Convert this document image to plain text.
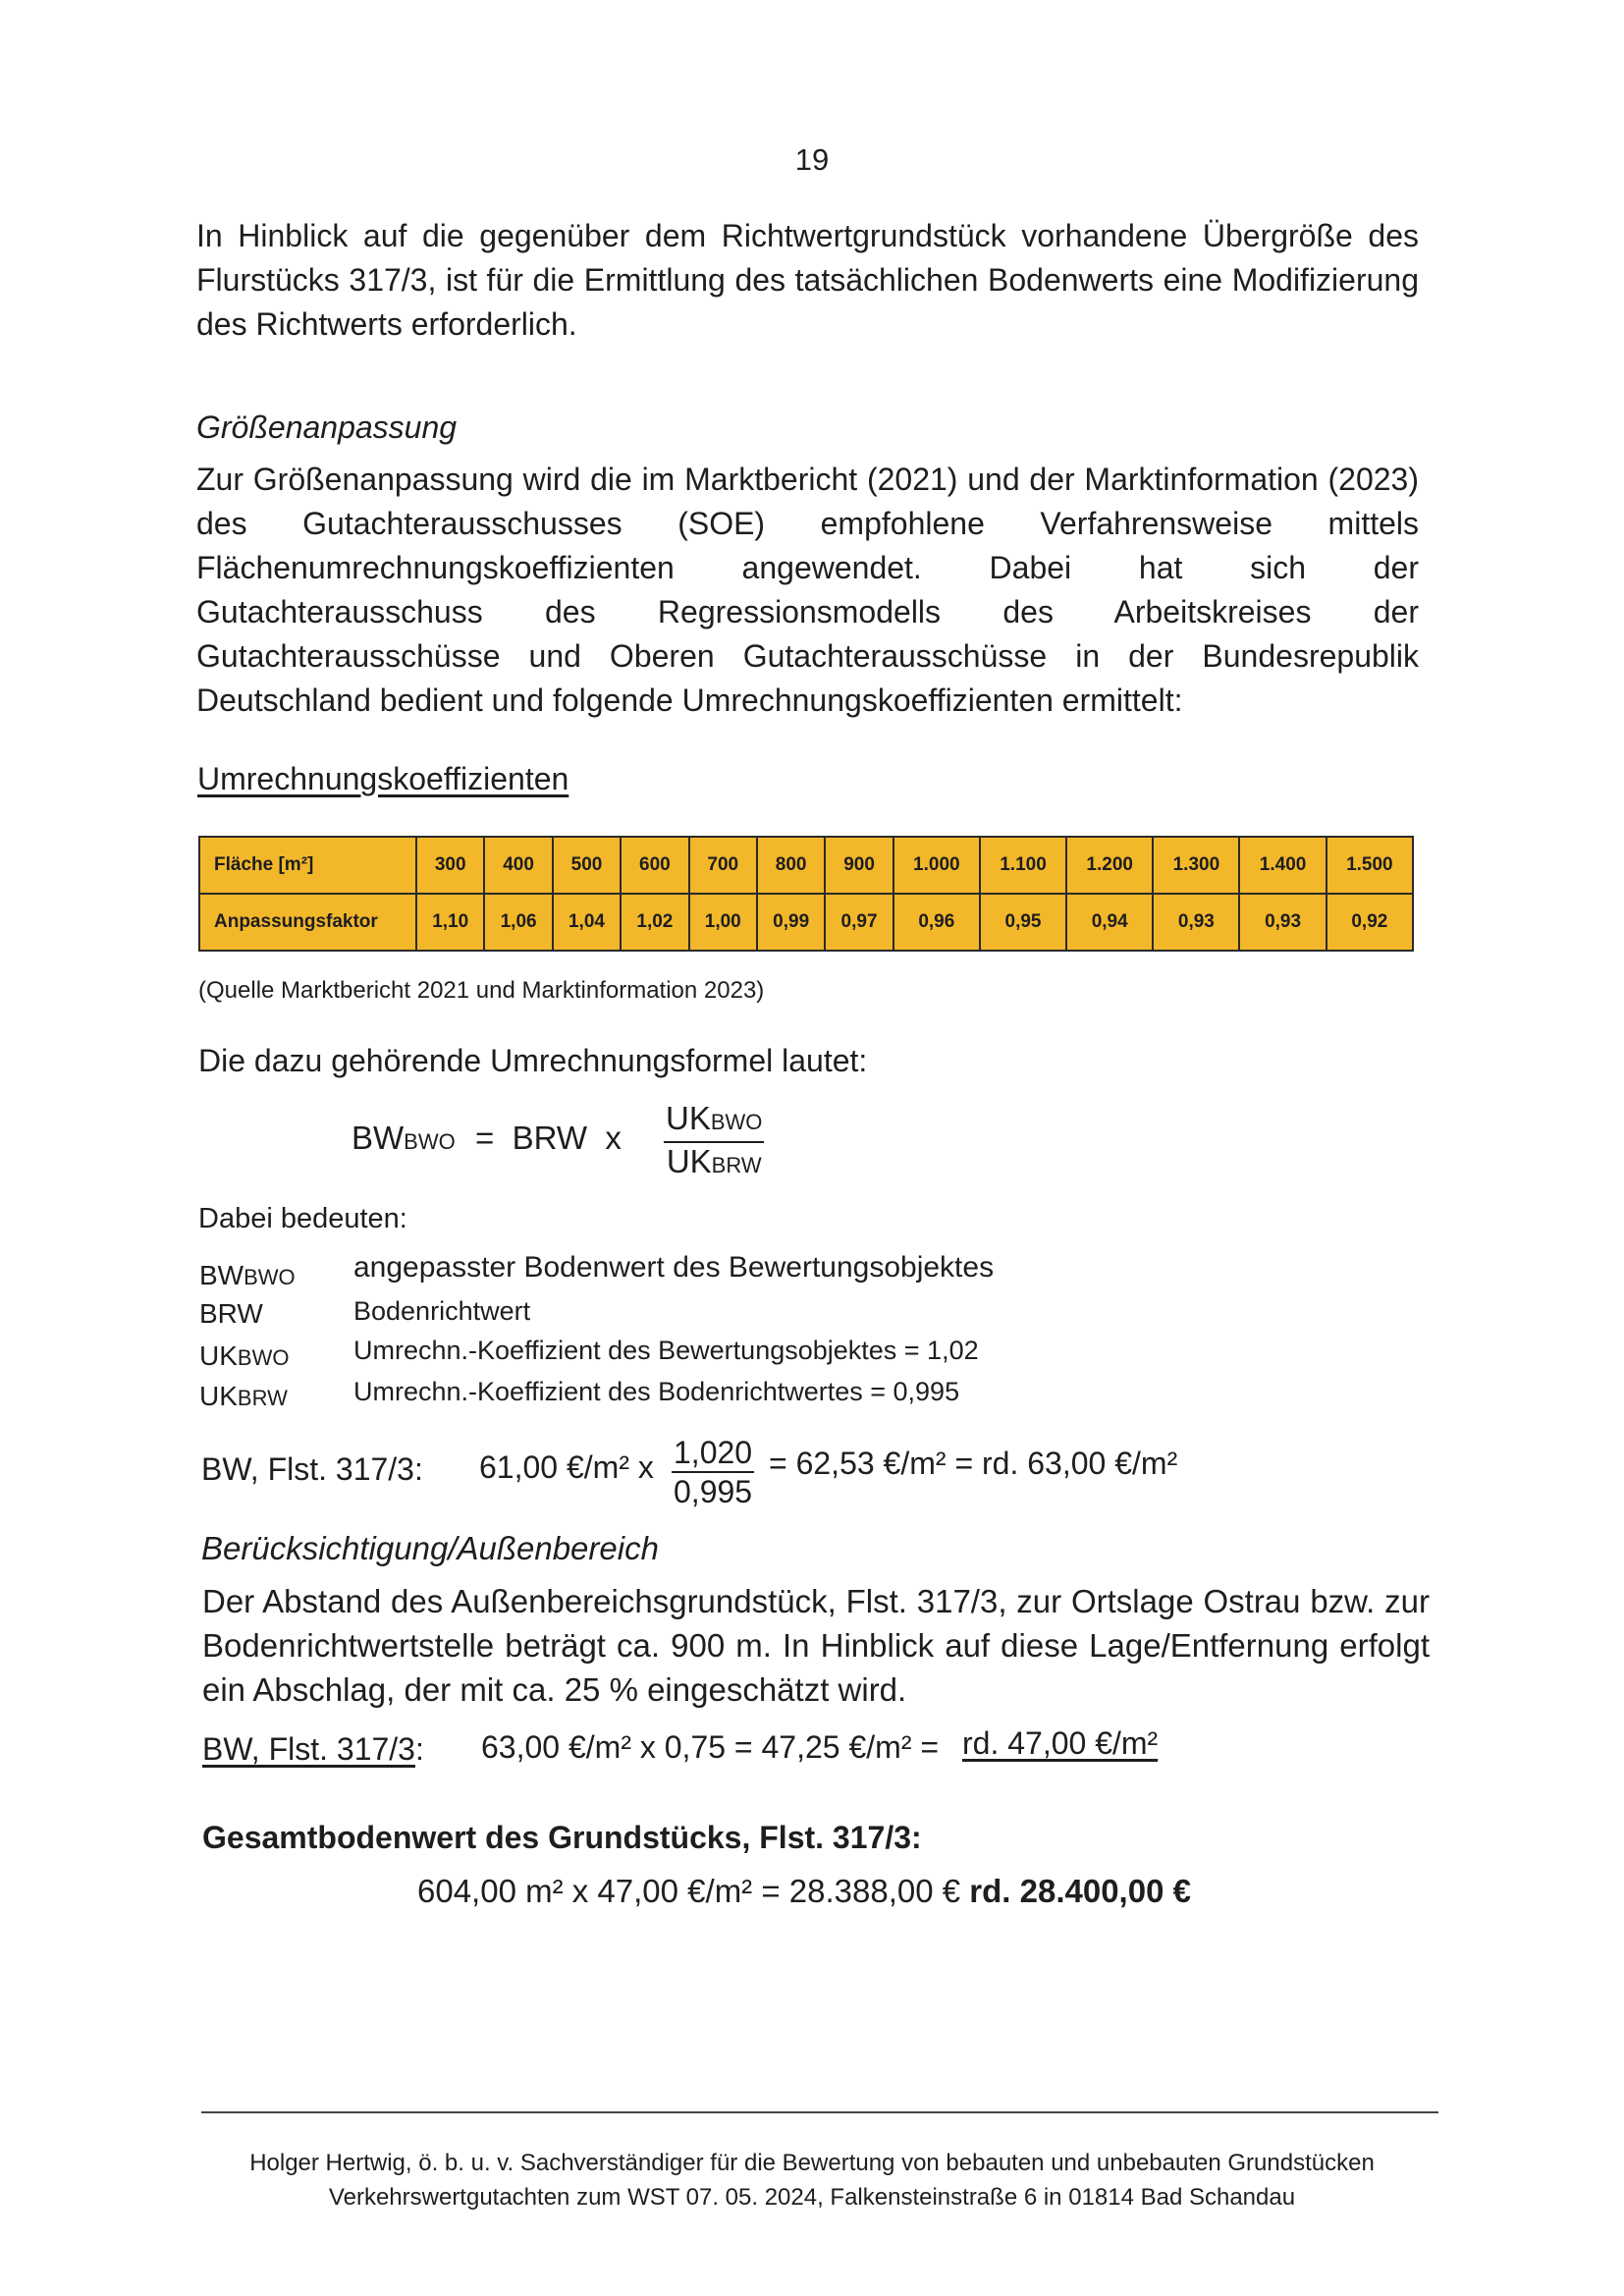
19

In Hinblick auf die gegenüber dem Richtwertgrundstück vorhandene Übergröße des Flurstücks 317/3, ist für die Ermittlung des tatsächlichen Bodenwerts eine Modifizierung des Richtwerts erforderlich.

Größenanpassung

Zur Größenanpassung wird die im Marktbericht (2021) und der Marktinformation (2023) des Gutachterausschusses (SOE) empfohlene Verfahrensweise mittels Flächenumrechnungskoeffizienten angewendet. Dabei hat sich der Gutachterausschuss des Regressionsmodells des Arbeitskreises der Gutachterausschüsse und Oberen Gutachterausschüsse in der Bundesrepublik Deutschland bedient und folgende Umrechnungskoeffizienten ermittelt:

Umrechnungskoeffizienten
Fläche [m²]	300	400	500	600	700	800	900	1.000	1.100	1.200	1.300	1.400	1.500
Anpassungsfaktor	1,10	1,06	1,04	1,02	1,00	0,99	0,97	0,96	0,95	0,94	0,93	0,93	0,92
(Quelle Marktbericht 2021 und Marktinformation 2023)
Die dazu gehörende Umrechnungsformel lautet:
BWBWO =  BRW  x
UKBWO
UKBRW
Dabei bedeuten:
BWBWO angepasster Bodenwert des Bewertungsobjektes
BRW	Bodenrichtwert
UKBWO Umrechn.-Koeffizient des Bewertungsobjektes = 1,02
UKBRW Umrechn.-Koeffizient des Bodenrichtwertes = 0,995
BW, Flst. 317/3: 61,00 €/m² x $\frac{1,020}{0,995} = 62,53$ €/m² = rd. 63,00 €/m²
Berücksichtigung/Außenbereich

Der Abstand des Außenbereichsgrundstück, Flst. 317/3, zur Ortslage Ostrau bzw. zur Bodenrichtwertstelle beträgt ca. 900 m. In Hinblick auf diese Lage/Entfernung erfolgt ein Abschlag, der mit ca. 25 % eingeschätzt wird.

BW, Flst. 317/3: 63,00 €/m² x 0,75 = 47,25 €/m² = rd. 47,00 €/m²
Gesamtbodenwert des Grundstücks, Flst. 317/3:
604,00 m² x 47,00 €/m² = 28.388,00 € rd. 28.400,00 €
Holger Hertwig, ö. b. u. v. Sachverständiger für die Bewertung von bebauten und unbebauten Grundstücken
Verkehrswertgutachten zum WST 07. 05. 2024, Falkensteinstraße 6 in 01814 Bad Schandau
